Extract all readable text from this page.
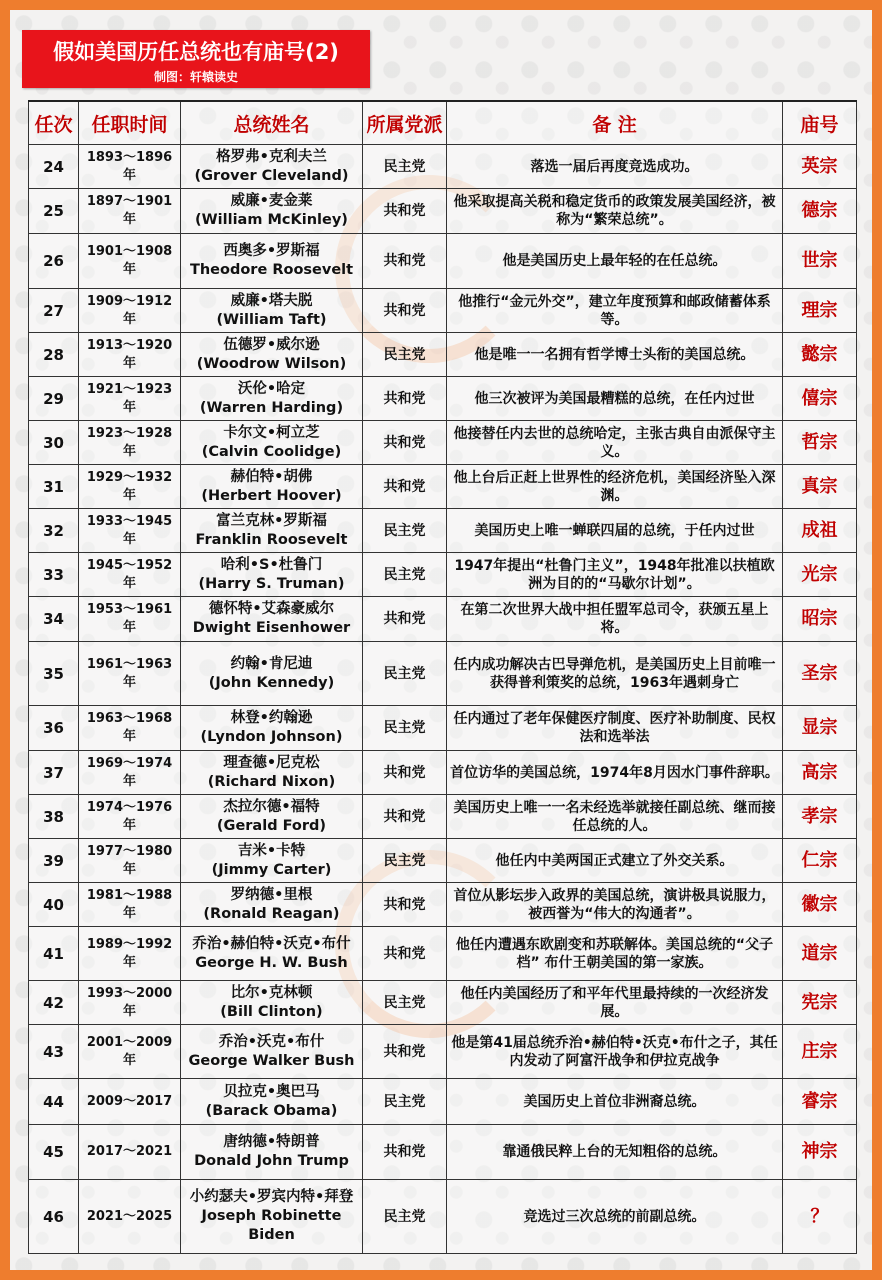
假如美国历任总统也有庙号(2)
制图：轩辕读史
任次	任职时间	总统姓名	所属党派	备 注	庙号

24	1893～1896年	格罗弗•克利夫兰
(Grover Cleveland)	民主党	落选一届后再度竞选成功。	英宗

25	1897～1901年	威廉•麦金莱
(William McKinley)	共和党	他采取提高关税和稳定货币的政策发展美国经济，被称为“繁荣总统”。	德宗

26	1901～1908年	西奥多•罗斯福
Theodore Roosevelt	共和党	他是美国历史上最年轻的在任总统。	世宗

27	1909～1912年	威廉•塔夫脱
(William Taft)	共和党	他推行“金元外交”，建立年度预算和邮政储蓄体系等。	理宗

28	1913～1920年	伍德罗•威尔逊
(Woodrow Wilson)	民主党	他是唯一一名拥有哲学博士头衔的美国总统。	懿宗

29	1921～1923年	沃伦•哈定
(Warren Harding)	共和党	他三次被评为美国最糟糕的总统，在任内过世	僖宗

30	1923～1928年	卡尔文•柯立芝
(Calvin Coolidge)	共和党	他接替任内去世的总统哈定，主张古典自由派保守主义。	哲宗

31	1929～1932年	赫伯特•胡佛
(Herbert Hoover)	共和党	他上台后正赶上世界性的经济危机，美国经济坠入深渊。	真宗

32	1933～1945年	富兰克林•罗斯福
Franklin Roosevelt	民主党	美国历史上唯一蝉联四届的总统，于任内过世	成祖

33	1945～1952年	哈利•S•杜鲁门
(Harry S. Truman)	民主党	1947年提出“杜鲁门主义”，1948年批准以扶植欧洲为目的的“马歇尔计划”。	光宗

34	1953～1961年	德怀特•艾森豪威尔
Dwight Eisenhower	共和党	在第二次世界大战中担任盟军总司令，获颁五星上将。	昭宗

35	1961～1963年	约翰•肯尼迪
(John Kennedy)	民主党	任内成功解决古巴导弹危机，是美国历史上目前唯一获得普利策奖的总统，1963年遇刺身亡	圣宗

36	1963～1968年	林登•约翰逊
(Lyndon Johnson)	民主党	任内通过了老年保健医疗制度、医疗补助制度、民权法和选举法	显宗

37	1969～1974年	理查德•尼克松
(Richard Nixon)	共和党	首位访华的美国总统，1974年8月因水门事件辞职。	高宗

38	1974～1976年	杰拉尔德•福特
(Gerald Ford)	共和党	美国历史上唯一一名未经选举就接任副总统、继而接任总统的人。	孝宗

39	1977～1980年	吉米•卡特
(Jimmy Carter)	民主党	他任内中美两国正式建立了外交关系。	仁宗

40	1981～1988年	罗纳德•里根
(Ronald Reagan)	共和党	首位从影坛步入政界的美国总统，演讲极具说服力，被西誉为“伟大的沟通者”。	徽宗

41	1989～1992年	乔治•赫伯特•沃克•布什
George H. W. Bush	共和党	他任内遭遇东欧剧变和苏联解体。美国总统的“父子档” 布什王朝美国的第一家族。	道宗

42	1993～2000年	比尔•克林顿
(Bill Clinton)	民主党	他任内美国经历了和平年代里最持续的一次经济发展。	宪宗

43	2001～2009年	乔治•沃克•布什
George Walker Bush	共和党	他是第41届总统乔治•赫伯特•沃克•布什之子，其任内发动了阿富汗战争和伊拉克战争	庄宗

44	2009～2017	贝拉克•奥巴马
(Barack Obama)	民主党	美国历史上首位非洲裔总统。	睿宗

45	2017～2021	唐纳德•特朗普
Donald John Trump	共和党	靠通俄民粹上台的无知粗俗的总统。	神宗

46	2021～2025	小约瑟夫•罗宾内特•拜登
Joseph Robinette Biden	民主党	竞选过三次总统的前副总统。	？
